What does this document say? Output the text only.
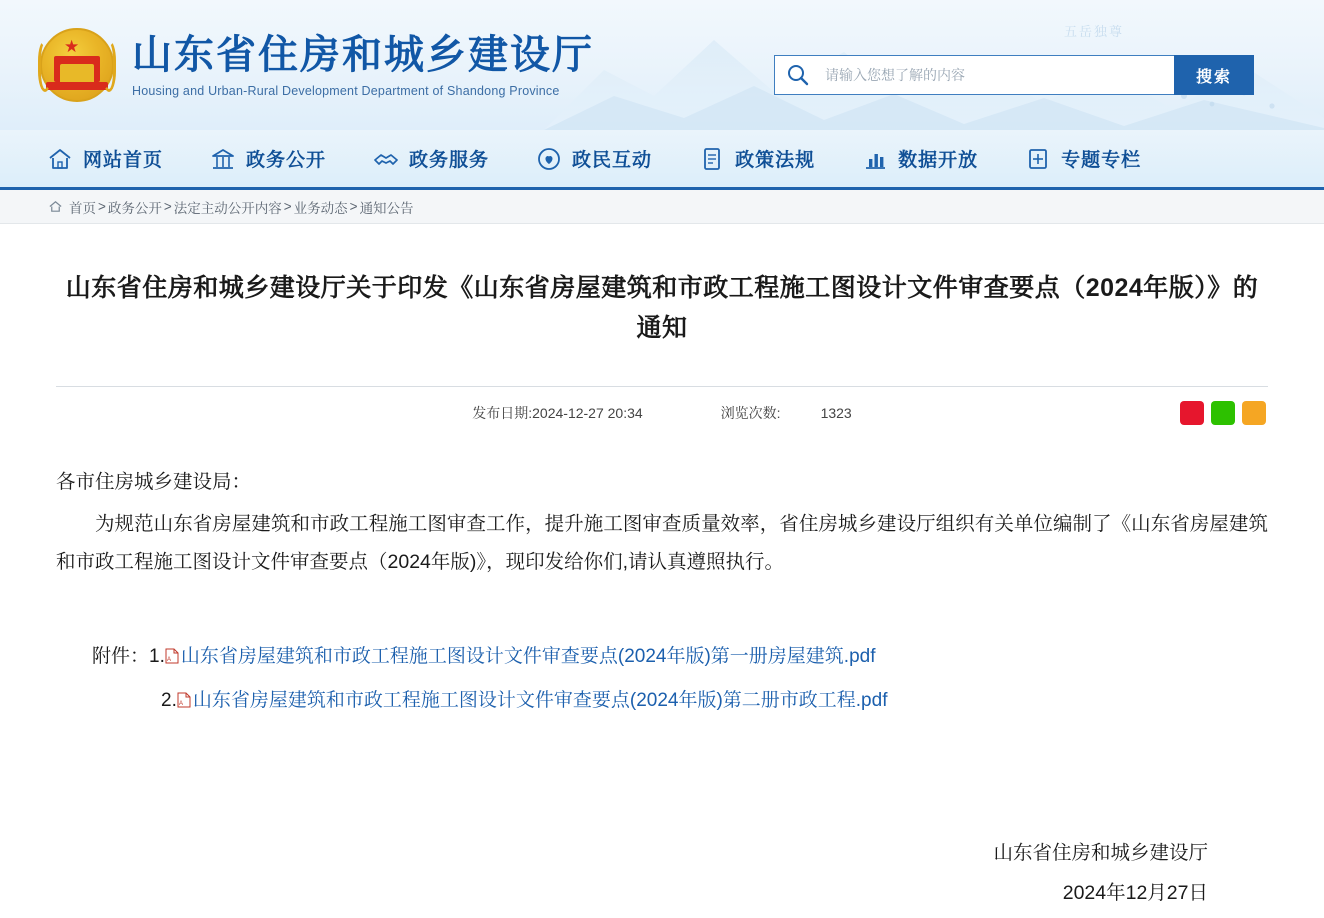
五岳独尊
★ 山东省住房和城乡建设厅
Housing and Urban-Rural Development Department of Shandong Province
请输入您想了解的内容
搜索
网站首页	政务公开	政务服务	政民互动	政策法规	数据开放	专题专栏
首页 > 政务公开 > 法定主动公开内容 > 业务动态 > 通知公告
山东省住房和城乡建设厅关于印发《山东省房屋建筑和市政工程施工图设计文件审查要点（2024年版）》的通知
发布日期:2024-12-27 20:34	浏览次数:	1323

各市住房城乡建设局：

为规范山东省房屋建筑和市政工程施工图审查工作，提升施工图审查质量效率，省住房城乡建设厅组织有关单位编制了《山东省房屋建筑和市政工程施工图设计文件审查要点（2024年版)》，现印发给你们,请认真遵照执行。

附件： 1. A 山东省房屋建筑和市政工程施工图设计文件审查要点(2024年版)第一册房屋建筑.pdf
2. A 山东省房屋建筑和市政工程施工图设计文件审查要点(2024年版)第二册市政工程.pdf
山东省住房和城乡建设厅
2024年12月27日
